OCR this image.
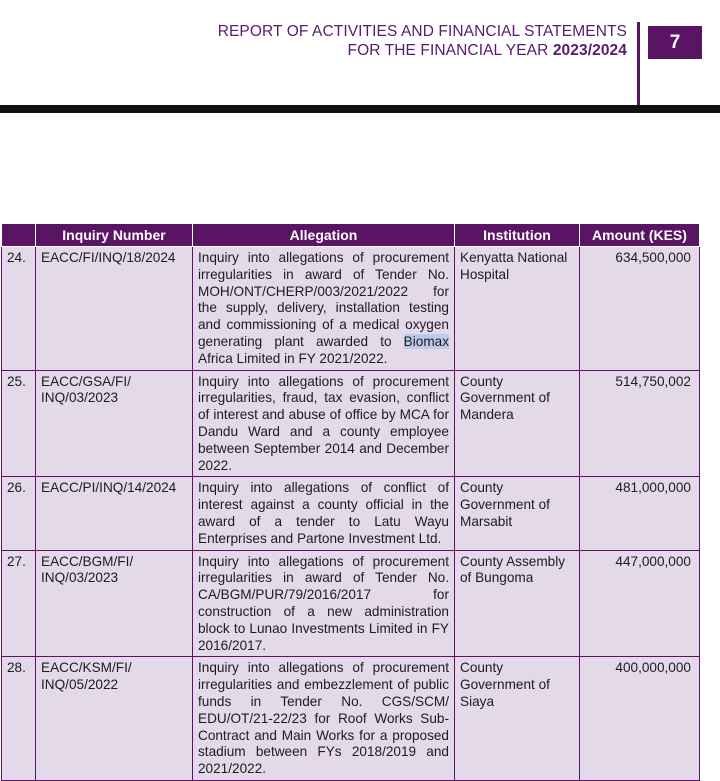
REPORT OF ACTIVITIES AND FINANCIAL STATEMENTS
FOR THE FINANCIAL YEAR 2023/2024	7
	Inquiry Number	Allegation	Institution	Amount (KES)
24.	EACC/FI/INQ/18/2024	Inquiry into allegations of procurement irregularities in award of Tender No. MOH/ONT/CHERP/003/2021/2022 for the supply, delivery, installation testing and commissioning of a medical oxygen generating plant awarded to Biomax Africa Limited in FY 2021/2022.	Kenyatta National Hospital	634,500,000
25.	EACC/GSA/FI/ INQ/03/2023	Inquiry into allegations of procurement irregularities, fraud, tax evasion, conflict of interest and abuse of office by MCA for Dandu Ward and a county employee between September 2014 and December 2022.	County Government of Mandera	514,750,002
26.	EACC/PI/INQ/14/2024	Inquiry into allegations of conflict of interest against a county official in the award of a tender to Latu Wayu Enterprises and Partone Investment Ltd.	County Government of Marsabit	481,000,000
27.	EACC/BGM/FI/ INQ/03/2023	Inquiry into allegations of procurement irregularities in award of Tender No. CA/BGM/PUR/79/2016/2017 for construction of a new administration block to Lunao Investments Limited in FY 2016/2017.	County Assembly of Bungoma	447,000,000
28.	EACC/KSM/FI/ INQ/05/2022	Inquiry into allegations of procurement irregularities and embezzlement of public funds in Tender No. CGS/SCM/ EDU/OT/21-22/23 for Roof Works Sub-Contract and Main Works for a proposed stadium between FYs 2018/2019 and 2021/2022.	County Government of Siaya	400,000,000
